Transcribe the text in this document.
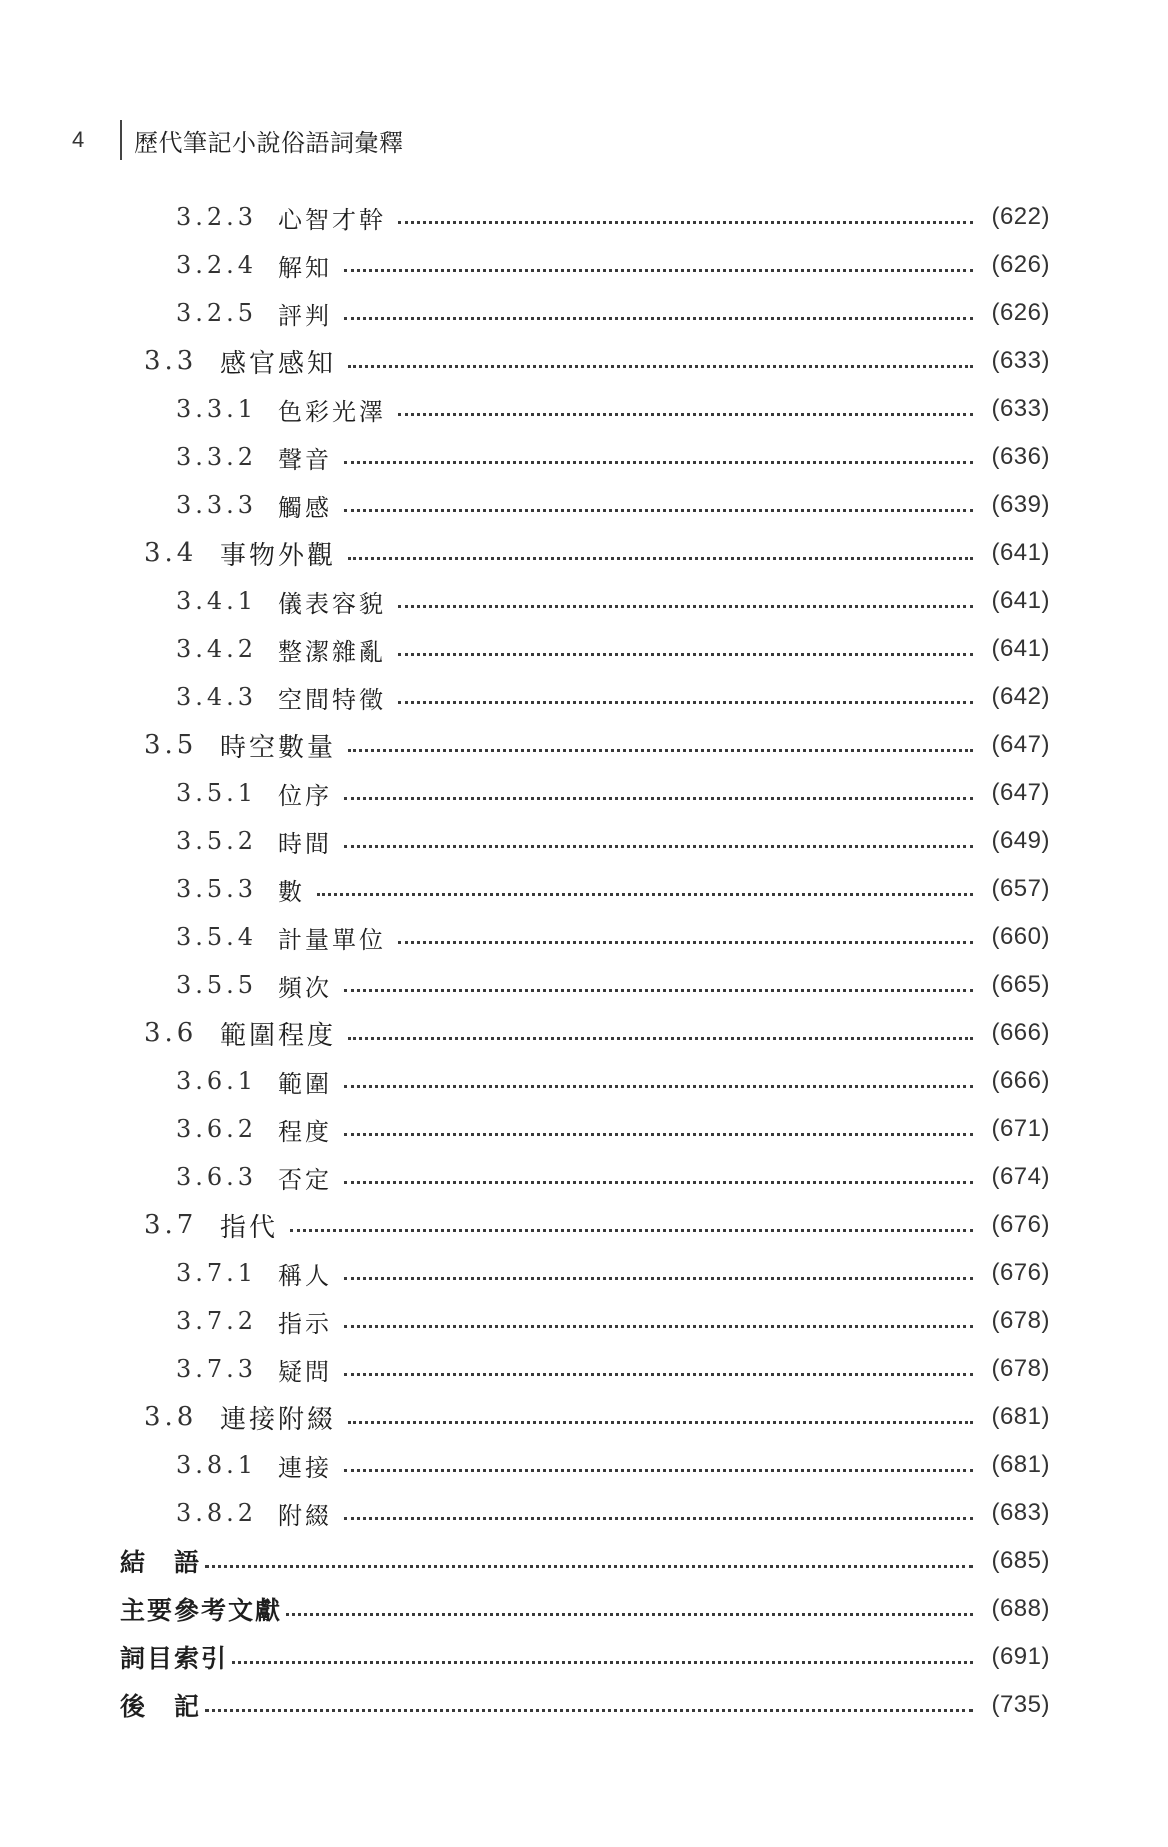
4	歷代筆記小說俗語詞彙釋
3.2.3 心智才幹	(622)
3.2.4 解知	(626)
3.2.5 評判	(626)
3.3 感官感知	(633)
3.3.1 色彩光澤	(633)
3.3.2 聲音	(636)
3.3.3 觸感	(639)
3.4 事物外觀	(641)
3.4.1 儀表容貌	(641)
3.4.2 整潔雜亂	(641)
3.4.3 空間特徵	(642)
3.5 時空數量	(647)
3.5.1 位序	(647)
3.5.2 時間	(649)
3.5.3 數	(657)
3.5.4 計量單位	(660)
3.5.5 頻次	(665)
3.6 範圍程度	(666)
3.6.1 範圍	(666)
3.6.2 程度	(671)
3.6.3 否定	(674)
3.7 指代	(676)
3.7.1 稱人	(676)
3.7.2 指示	(678)
3.7.3 疑問	(678)
3.8 連接附綴	(681)
3.8.1 連接	(681)
3.8.2 附綴	(683)
結　語	(685)
主要參考文獻	(688)
詞目索引	(691)
後　記	(735)
